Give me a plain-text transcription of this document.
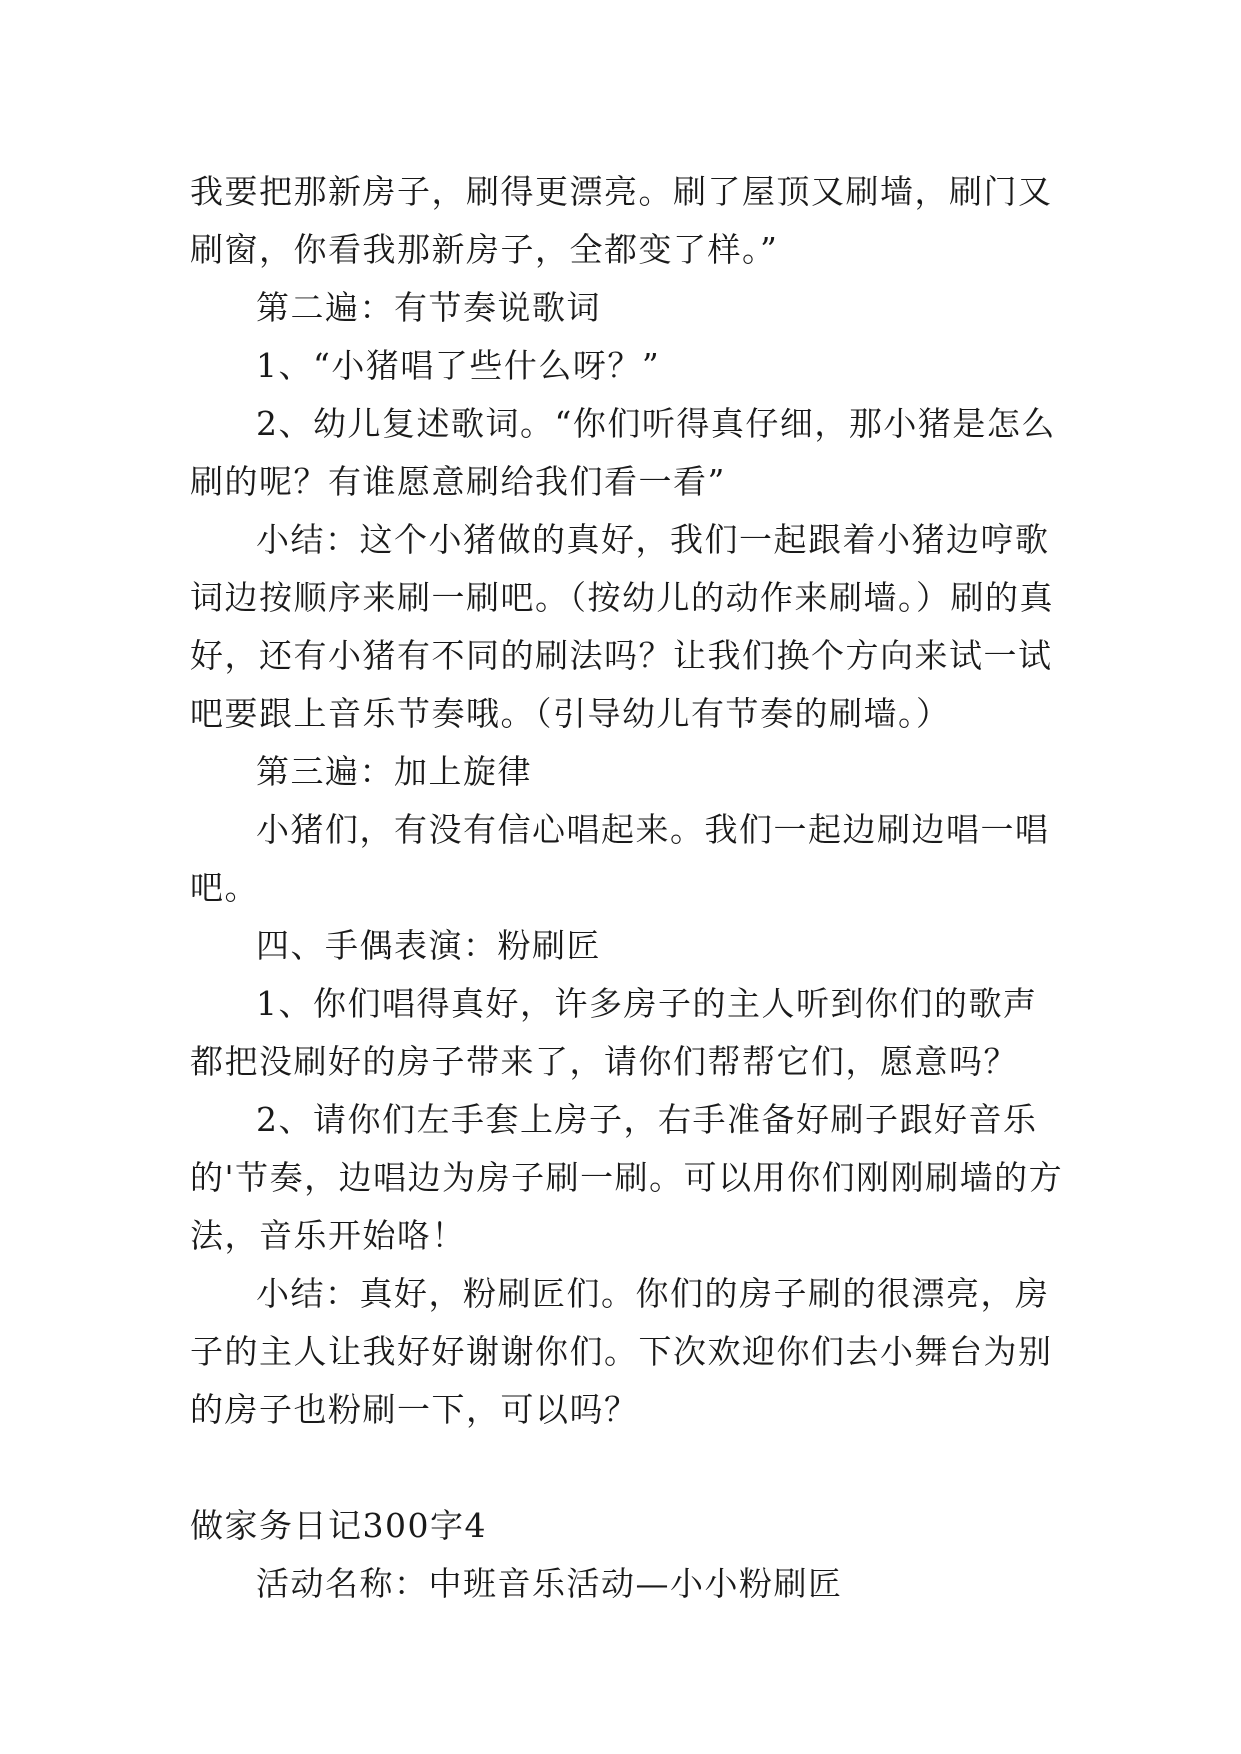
我要把那新房子，刷得更漂亮。刷了屋顶又刷墙，刷门又刷窗，你看我那新房子，全都变了样。”

第二遍：有节奏说歌词

1、“小猪唱了些什么呀？”

2、幼儿复述歌词。“你们听得真仔细，那小猪是怎么刷的呢？有谁愿意刷给我们看一看”

小结：这个小猪做的真好，我们一起跟着小猪边哼歌词边按顺序来刷一刷吧。（按幼儿的动作来刷墙。）刷的真好，还有小猪有不同的刷法吗？让我们换个方向来试一试吧要跟上音乐节奏哦。（引导幼儿有节奏的刷墙。）

第三遍：加上旋律

小猪们，有没有信心唱起来。我们一起边刷边唱一唱吧。

四、手偶表演：粉刷匠

1、你们唱得真好，许多房子的主人听到你们的歌声都把没刷好的房子带来了，请你们帮帮它们，愿意吗？

2、请你们左手套上房子，右手准备好刷子跟好音乐的'节奏，边唱边为房子刷一刷。可以用你们刚刚刷墙的方法，音乐开始咯！

小结：真好，粉刷匠们。你们的房子刷的很漂亮，房子的主人让我好好谢谢你们。下次欢迎你们去小舞台为别的房子也粉刷一下，可以吗？

做家务日记300字4

活动名称：中班音乐活动—小小粉刷匠
